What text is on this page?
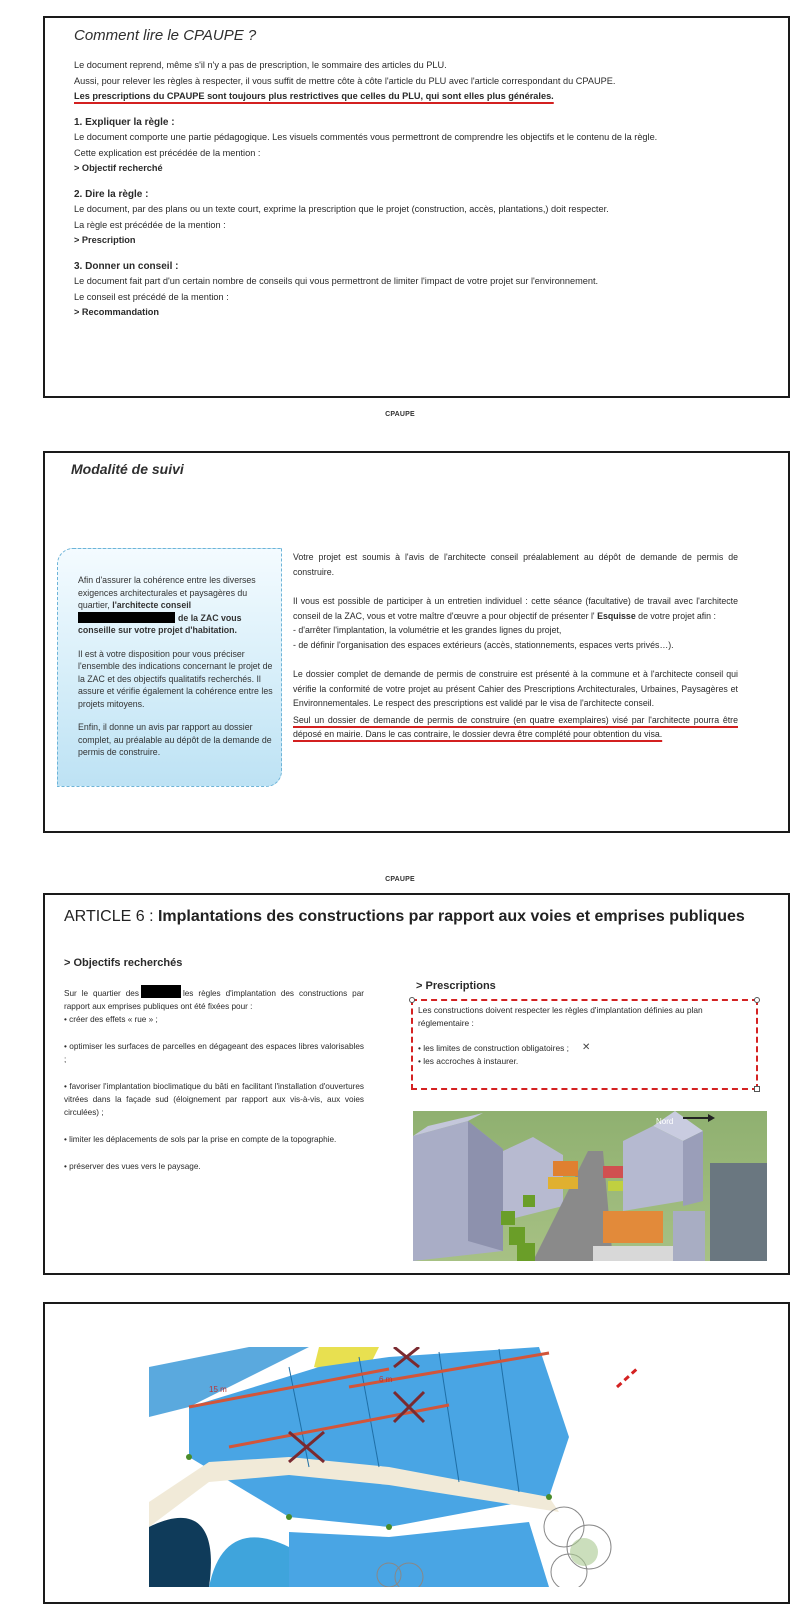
Comment lire le CPAUPE ?

Le document reprend, même s'il n'y a pas de prescription, le sommaire des articles du PLU.

Aussi, pour relever les règles à respecter, il vous suffit de mettre côte à côte l'article du PLU avec l'article correspondant du CPAUPE.

Les prescriptions du CPAUPE sont toujours plus restrictives que celles du PLU, qui sont elles plus générales.

1. Expliquer la règle :

Le document comporte une partie pédagogique. Les visuels commentés vous permettront de comprendre les objectifs et le contenu de la règle.

Cette explication est précédée de la mention :

> Objectif recherché

2. Dire la règle :

Le document, par des plans ou un texte court, exprime la prescription que le projet (construction, accès, plantations,) doit respecter.

La règle est précédée de la mention :

> Prescription

3. Donner un conseil :

Le document fait part d'un certain nombre de conseils qui vous permettront de limiter l'impact de votre projet sur l'environnement.

Le conseil est précédé de la mention :

> Recommandation

CPAUPE
Modalité de suivi

Afin d'assurer la cohérence entre les diverses exigences architecturales et paysagères du quartier, l'architecte conseil de la ZAC vous conseille sur votre projet d'habitation.

Il est à votre disposition pour vous préciser l'ensemble des indications concernant le projet de la ZAC et des objectifs qualitatifs recherchés. Il assure et vérifie également la cohérence entre les projets mitoyens.

Enfin, il donne un avis par rapport au dossier complet, au préalable au dépôt de la demande de permis de construire.

Votre projet est soumis à l'avis de l'architecte conseil préalablement au dépôt de demande de permis de construire.

Il vous est possible de participer à un entretien individuel : cette séance (facultative) de travail avec l'architecte conseil de la ZAC, vous et votre maître d'œuvre a pour objectif de présenter l' Esquisse de votre projet afin :
- d'arrêter l'implantation, la volumétrie et les grandes lignes du projet,
- de définir l'organisation des espaces extérieurs (accès, stationnements, espaces verts privés…).

Le dossier complet de demande de permis de construire est présenté à la commune et à l'architecte conseil qui vérifie la conformité de votre projet au présent Cahier des Prescriptions Architecturales, Urbaines, Paysagères et Environnementales. Le respect des prescriptions est validé par le visa de l'architecte conseil.

Seul un dossier de demande de permis de construire (en quatre exemplaires) visé par l'architecte pourra être déposé en mairie. Dans le cas contraire, le dossier devra être complété pour obtention du visa.

CPAUPE
ARTICLE 6 : Implantations des constructions par rapport aux voies et emprises publiques
> Objectifs recherchés

Sur le quartier des	les règles d'implantation des constructions par rapport aux emprises publiques ont été fixées pour :
• créer des effets « rue » ;

• optimiser les surfaces de parcelles en dégageant des espaces libres valorisables ;

• favoriser l'implantation bioclimatique du bâti en facilitant l'installation d'ouvertures vitrées dans la façade sud (éloignement par rapport aux vis-à-vis, aux voies circulées) ;

• limiter les déplacements de sols par la prise en compte de la topographie.

• préserver des vues vers le paysage.

> Prescriptions

Les constructions doivent respecter les règles d'implantation définies au plan réglementaire :

• les limites de construction obligatoires ;
• les accroches à instaurer.

✕
Nord
15 m
6 m
